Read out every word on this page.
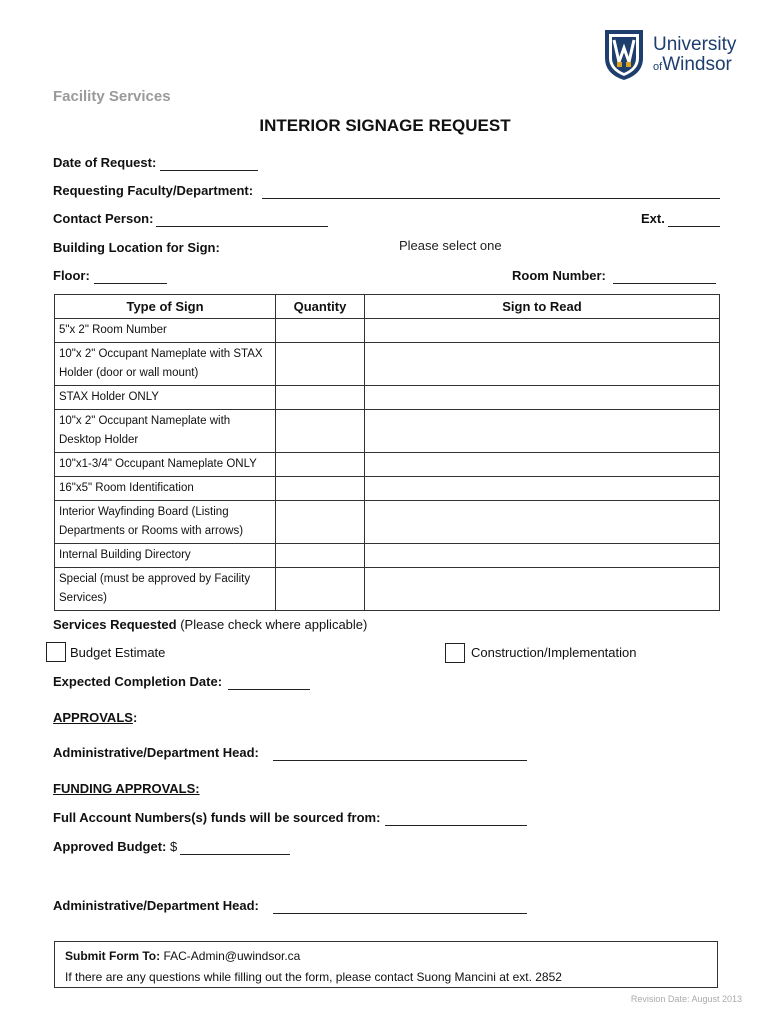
University
ofWindsor
Facility Services
INTERIOR SIGNAGE REQUEST
Date of Request:
Requesting Faculty/Department:
Contact Person:	Ext.
Building Location for Sign:	Please select one
Floor:	Room Number:
Type of Sign	Quantity	Sign to Read
5"x 2" Room Number		
10"x 2" Occupant Nameplate with STAX Holder (door or wall mount)		
STAX Holder ONLY		
10"x 2" Occupant Nameplate with Desktop Holder		
10"x1-3/4" Occupant Nameplate ONLY		
16"x5" Room Identification		
Interior Wayfinding Board (Listing Departments or Rooms with arrows)		
Internal Building Directory		
Special (must be approved by Facility Services)		
Services Requested (Please check where applicable)
Budget Estimate	Construction/Implementation
Expected Completion Date:
APPROVALS:
Administrative/Department Head:
FUNDING APPROVALS:
Full Account Numbers(s) funds will be sourced from:
Approved Budget: $
Administrative/Department Head:
Submit Form To: FAC-Admin@uwindsor.ca
If there are any questions while filling out the form, please contact Suong Mancini at ext. 2852
Revision Date: August 2013
